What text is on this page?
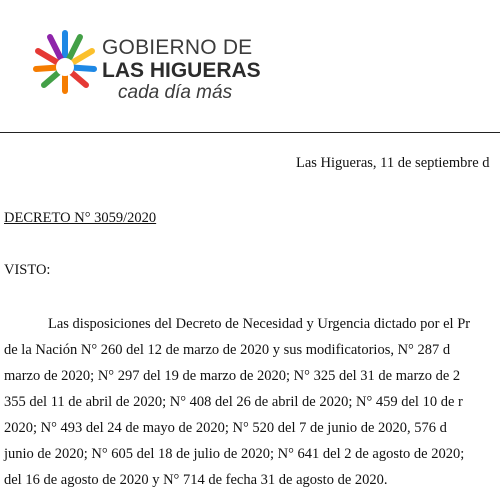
GOBIERNO DE
LAS HIGUERAS
cada día más
Las Higueras, 11 de septiembre d
DECRETO N° 3059/2020
VISTO:
Las disposiciones del Decreto de Necesidad y Urgencia dictado por el Pr
de la Nación N° 260 del 12 de marzo de 2020 y sus modificatorios, N° 287 d
marzo de 2020; N° 297 del 19 de marzo de 2020; N° 325 del 31 de marzo de 2
355 del 11 de abril de 2020; N° 408 del 26 de abril de 2020; N° 459 del 10 de r
2020; N° 493 del 24 de mayo de 2020; N° 520 del 7 de junio de 2020, 576 d
junio de 2020; N° 605 del 18 de julio de 2020; N° 641 del 2 de agosto de 2020;
del 16 de agosto de 2020 y N° 714 de fecha 31 de agosto de 2020.
